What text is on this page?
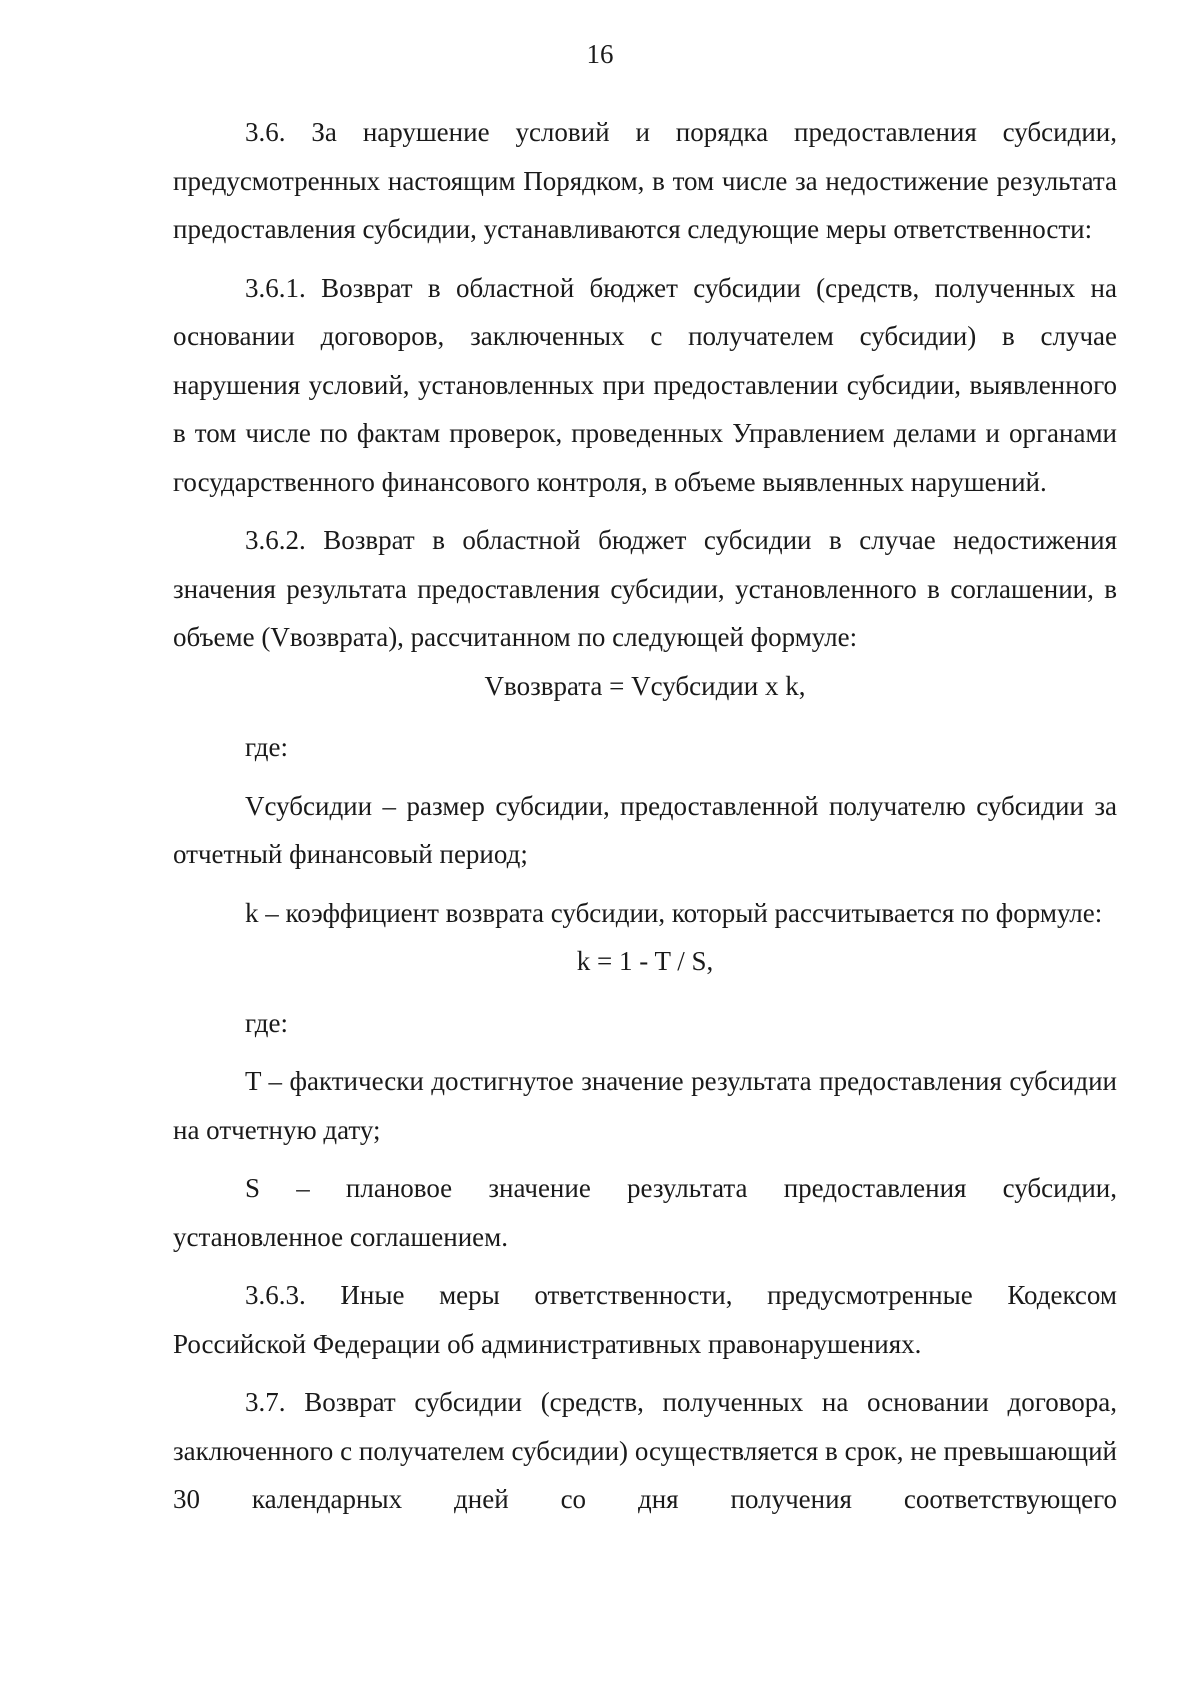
16

3.6. За нарушение условий и порядка предоставления субсидии, предусмотренных настоящим Порядком, в том числе за недостижение результата предоставления субсидии, устанавливаются следующие меры ответственности:

3.6.1. Возврат в областной бюджет субсидии (средств, полученных на основании договоров, заключенных с получателем субсидии) в случае нарушения условий, установленных при предоставлении субсидии, выявленного в том числе по фактам проверок, проведенных Управлением делами и органами государственного финансового контроля, в объеме выявленных нарушений.

3.6.2. Возврат в областной бюджет субсидии в случае недостижения значения результата предоставления субсидии, установленного в соглашении, в объеме (Vвозврата), рассчитанном по следующей формуле:

Vвозврата = Vсубсидии x k,

где:

Vсубсидии – размер субсидии, предоставленной получателю субсидии за отчетный финансовый период;

k – коэффициент возврата субсидии, который рассчитывается по формуле:

k = 1 - T / S,

где:

T – фактически достигнутое значение результата предоставления субсидии на отчетную дату;

S – плановое значение результата предоставления субсидии, установленное соглашением.

3.6.3. Иные меры ответственности, предусмотренные Кодексом Российской Федерации об административных правонарушениях.

3.7. Возврат субсидии (средств, полученных на основании договора, заключенного с получателем субсидии) осуществляется в срок, не превышающий 30 календарных дней со дня получения соответствующего
